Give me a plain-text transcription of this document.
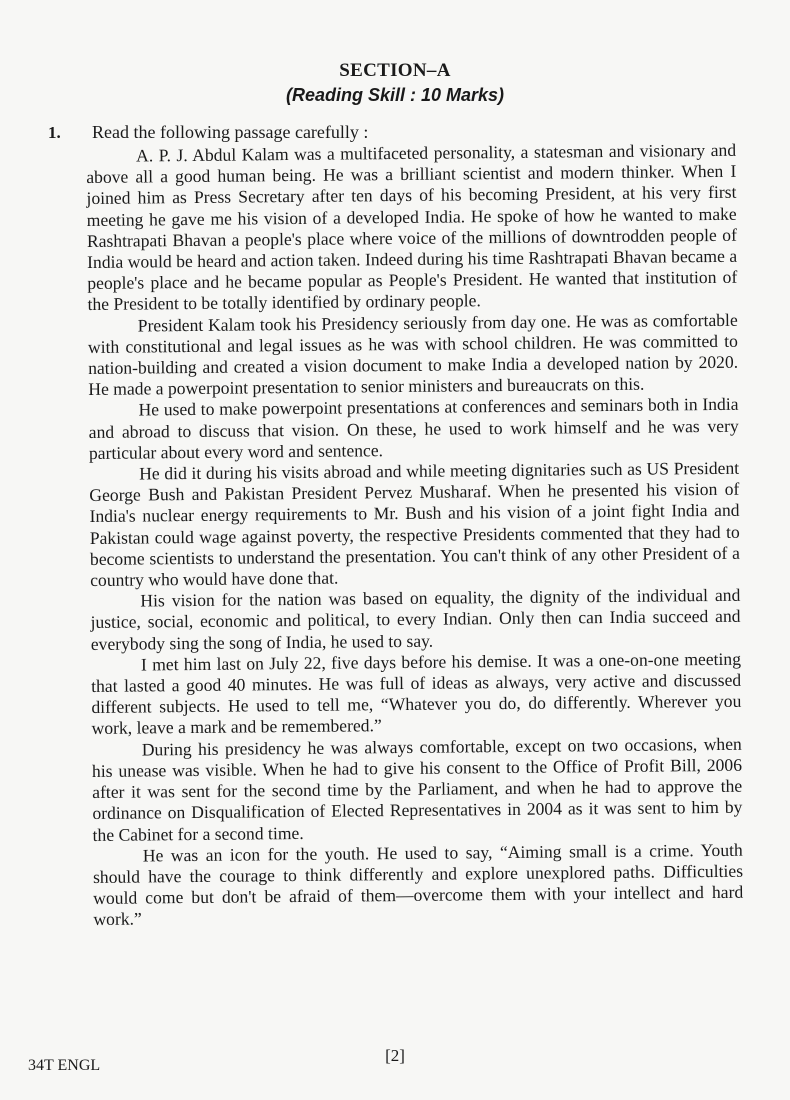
SECTION–A
(Reading Skill : 10 Marks)
1. Read the following passage carefully :

A. P. J. Abdul Kalam was a multifaceted personality, a statesman and visionary and above all a good human being. He was a brilliant scientist and modern thinker. When I joined him as Press Secretary after ten days of his becoming President, at his very first meeting he gave me his vision of a developed India. He spoke of how he wanted to make Rashtrapati Bhavan a people's place where voice of the millions of downtrodden people of India would be heard and action taken. Indeed during his time Rashtrapati Bhavan became a people's place and he became popular as People's President. He wanted that institution of the President to be totally identified by ordinary people.

President Kalam took his Presidency seriously from day one. He was as comfortable with constitutional and legal issues as he was with school children. He was committed to nation-building and created a vision document to make India a developed nation by 2020. He made a powerpoint presentation to senior ministers and bureaucrats on this.

He used to make powerpoint presentations at conferences and seminars both in India and abroad to discuss that vision. On these, he used to work himself and he was very particular about every word and sentence.

He did it during his visits abroad and while meeting dignitaries such as US President George Bush and Pakistan President Pervez Musharaf. When he presented his vision of India's nuclear energy requirements to Mr. Bush and his vision of a joint fight India and Pakistan could wage against poverty, the respective Presidents commented that they had to become scientists to understand the presentation. You can't think of any other President of a country who would have done that.

His vision for the nation was based on equality, the dignity of the individual and justice, social, economic and political, to every Indian. Only then can India succeed and everybody sing the song of India, he used to say.

I met him last on July 22, five days before his demise. It was a one-on-one meeting that lasted a good 40 minutes. He was full of ideas as always, very active and discussed different subjects. He used to tell me, “Whatever you do, do differently. Wherever you work, leave a mark and be remembered.”

During his presidency he was always comfortable, except on two occasions, when his unease was visible. When he had to give his consent to the Office of Profit Bill, 2006 after it was sent for the second time by the Parliament, and when he had to approve the ordinance on Disqualification of Elected Representatives in 2004 as it was sent to him by the Cabinet for a second time.

He was an icon for the youth. He used to say, “Aiming small is a crime. Youth should have the courage to think differently and explore unexplored paths. Difficulties would come but don't be afraid of them—overcome them with your intellect and hard work.”

34T ENGL
[2]
